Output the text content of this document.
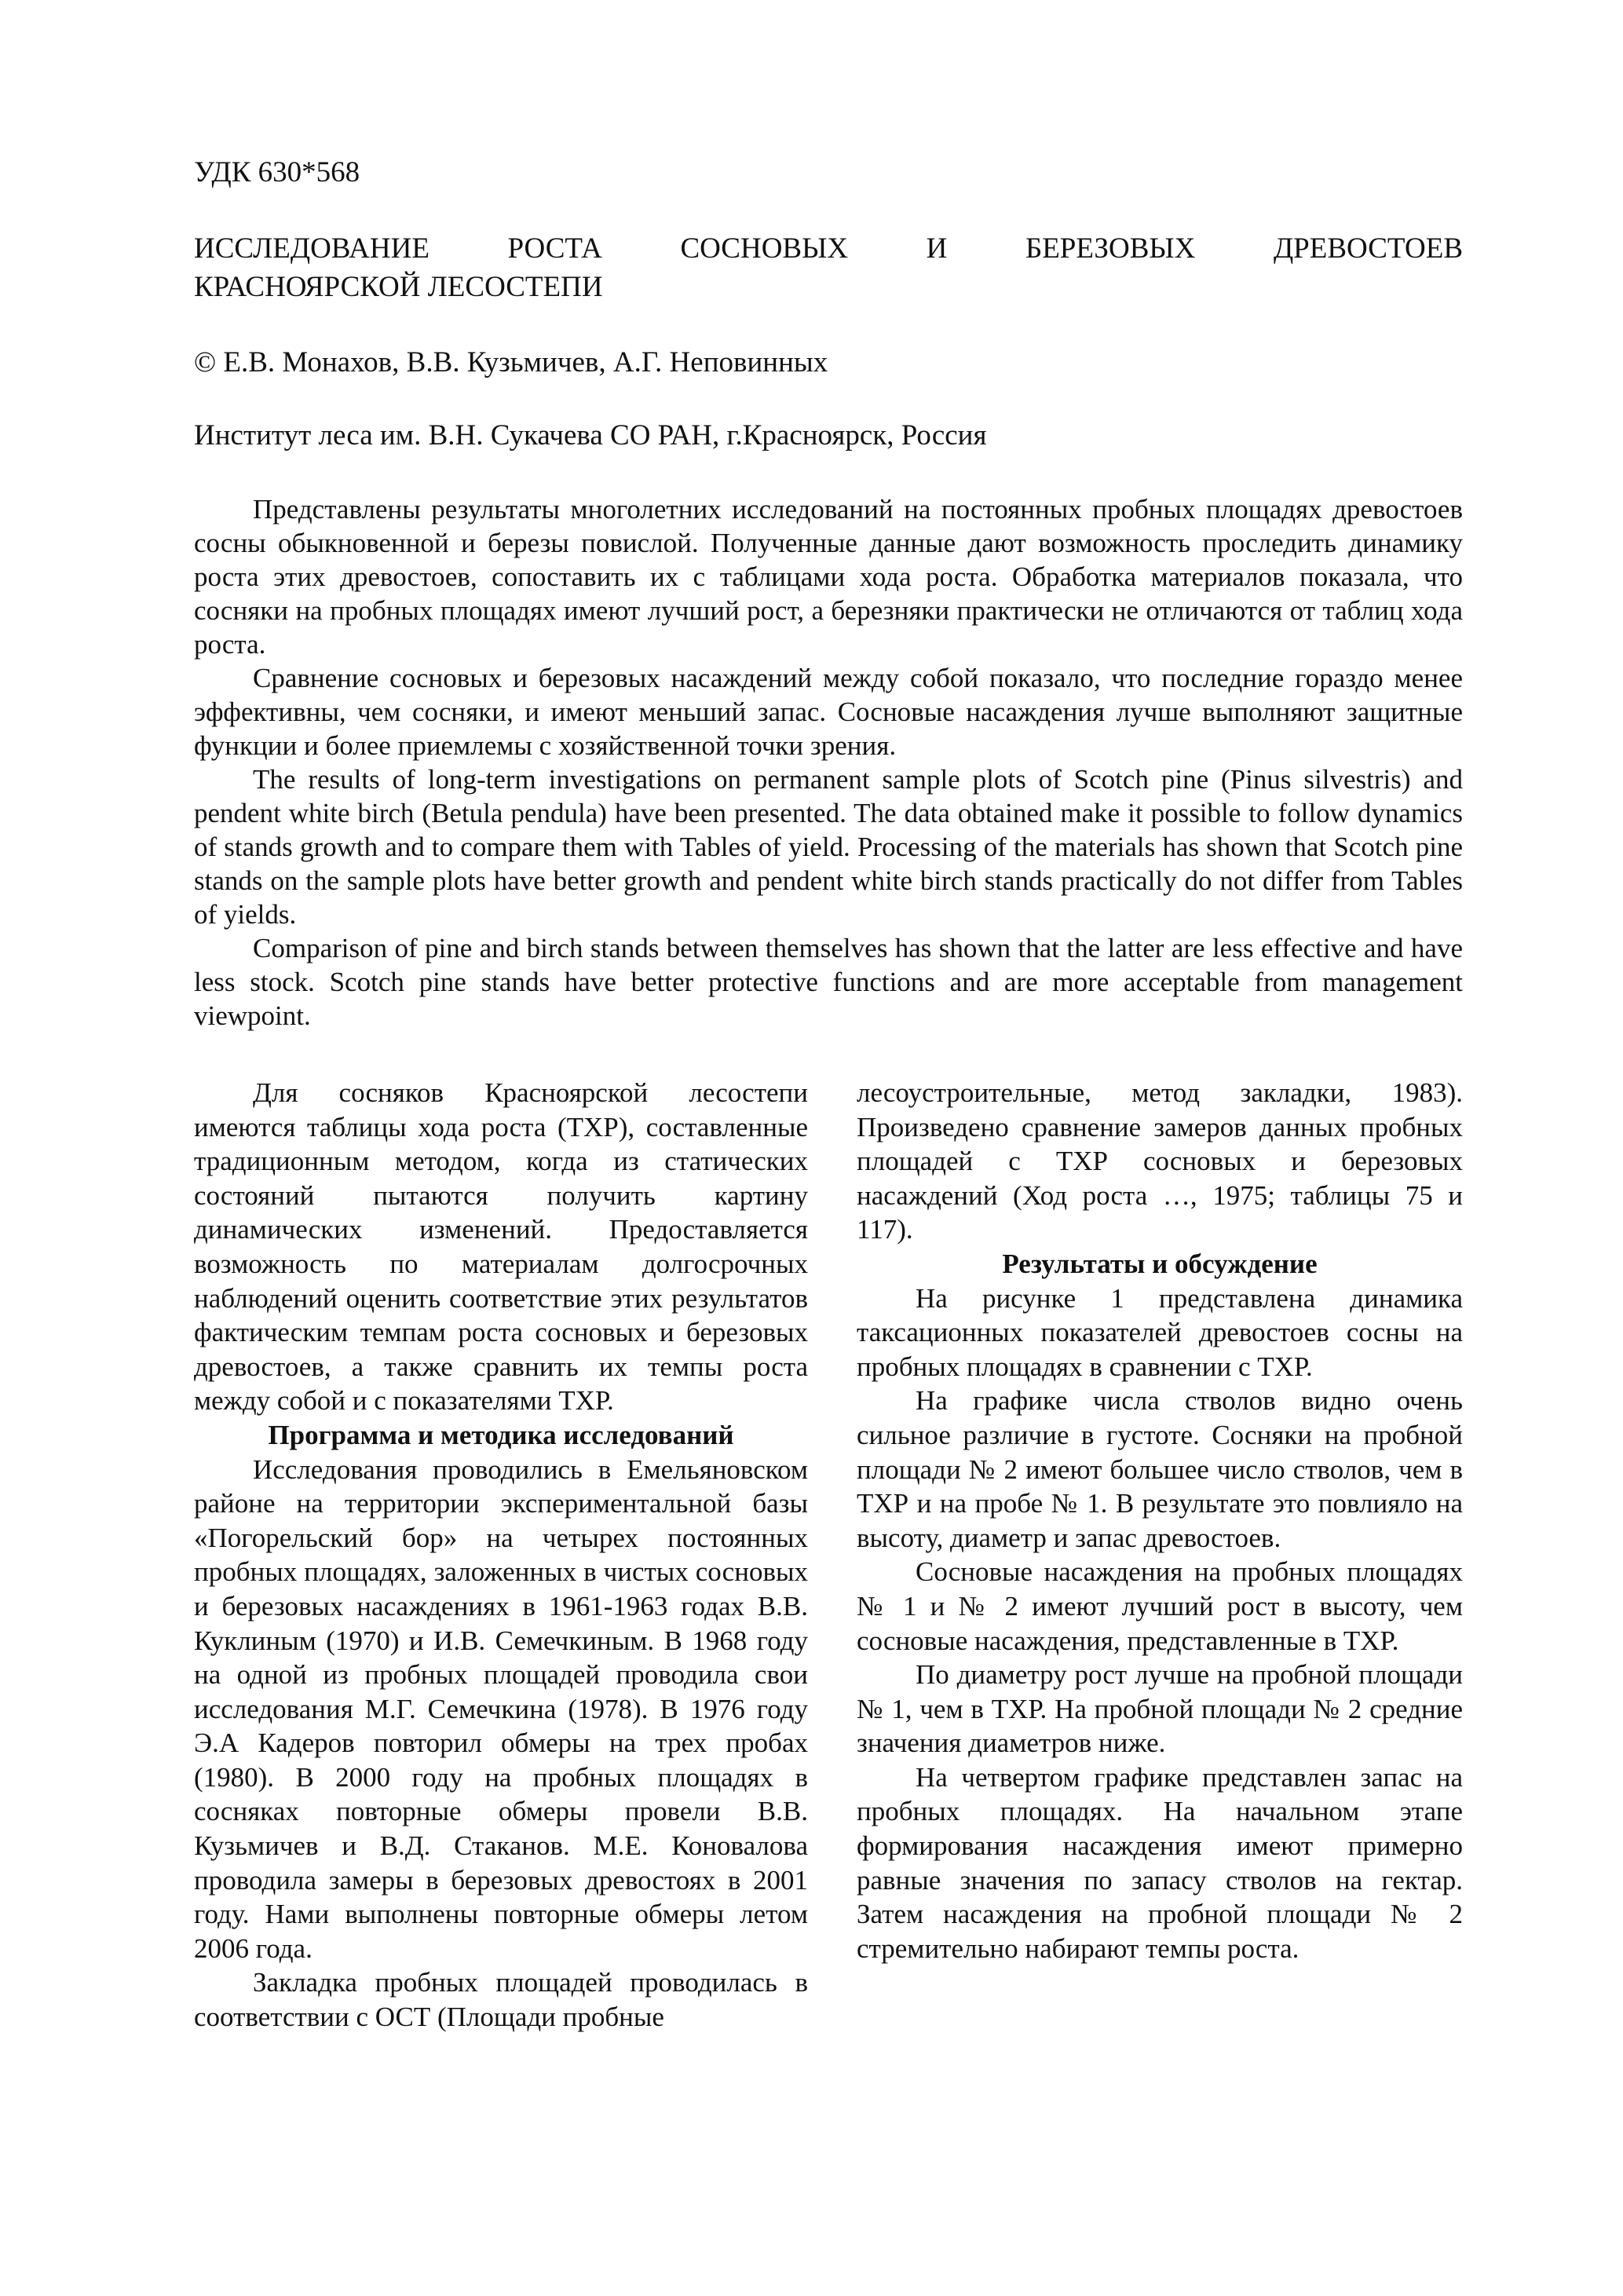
УДК 630*568
ИССЛЕДОВАНИЕ РОСТА СОСНОВЫХ И БЕРЕЗОВЫХ ДРЕВОСТОЕВ
КРАСНОЯРСКОЙ ЛЕСОСТЕПИ
© Е.В. Монахов, В.В. Кузьмичев, А.Г. Неповинных
Институт леса им. В.Н. Сукачева СО РАН, г.Красноярск, Россия

Представлены результаты многолетних исследований на постоянных пробных площадях древостоев сосны обыкновенной и березы повислой. Полученные данные дают возможность проследить динамику роста этих древостоев, сопоставить их с таблицами хода роста. Обработка материалов показала, что сосняки на пробных площадях имеют лучший рост, а березняки практически не отличаются от таблиц хода роста.

Сравнение сосновых и березовых насаждений между собой показало, что последние гораздо менее эффективны, чем сосняки, и имеют меньший запас. Сосновые насаждения лучше выполняют защитные функции и более приемлемы с хозяйственной точки зрения.

The results of long-term investigations on permanent sample plots of Scotch pine (Pinus silvestris) and pendent white birch (Betula pendula) have been presented. The data obtained make it possible to follow dynamics of stands growth and to compare them with Tables of yield. Processing of the materials has shown that Scotch pine stands on the sample plots have better growth and pendent white birch stands practically do not differ from Tables of yields.

Comparison of pine and birch stands between themselves has shown that the latter are less effective and have less stock. Scotch pine stands have better protective functions and are more acceptable from management viewpoint.

Для сосняков Красноярской лесостепи имеются таблицы хода роста (ТХР), составленные традиционным методом, когда из статических состояний пытаются получить картину динамических изменений. Предоставляется возможность по материалам долгосрочных наблюдений оценить соответствие этих результатов фактическим темпам роста сосновых и березовых древостоев, а также сравнить их темпы роста между собой и с показателями ТХР.

Программа и методика исследований

Исследования проводились в Емельяновском районе на территории экспериментальной базы «Погорельский бор» на четырех постоянных пробных площадях, заложенных в чистых сосновых и березовых насаждениях в 1961-1963 годах В.В. Куклиным (1970) и И.В. Семечкиным. В 1968 году на одной из пробных площадей проводила свои исследования М.Г. Семечкина (1978). В 1976 году Э.А Кадеров повторил обмеры на трех пробах (1980). В 2000 году на пробных площадях в сосняках повторные обмеры провели В.В. Кузьмичев и В.Д. Стаканов. М.Е. Коновалова проводила замеры в березовых древостоях в 2001 году. Нами выполнены повторные обмеры летом 2006 года.

Закладка пробных площадей проводилась в соответствии с ОСТ (Площади пробные

лесоустроительные, метод закладки, 1983). Произведено сравнение замеров данных пробных площадей с ТХР сосновых и березовых насаждений (Ход роста …, 1975; таблицы 75 и 117).

Результаты и обсуждение

На рисунке 1 представлена динамика таксационных показателей древостоев сосны на пробных площадях в сравнении с ТХР.

На графике числа стволов видно очень сильное различие в густоте. Сосняки на пробной площади № 2 имеют большее число стволов, чем в ТХР и на пробе № 1. В результате это повлияло на высоту, диаметр и запас древостоев.

Сосновые насаждения на пробных площадях № 1 и № 2 имеют лучший рост в высоту, чем сосновые насаждения, представленные в ТХР.

По диаметру рост лучше на пробной площади № 1, чем в ТХР. На пробной площади № 2 средние значения диаметров ниже.

На четвертом графике представлен запас на пробных площадях. На начальном этапе формирования насаждения имеют примерно равные значения по запасу стволов на гектар. Затем насаждения на пробной площади № 2 стремительно набирают темпы роста.
